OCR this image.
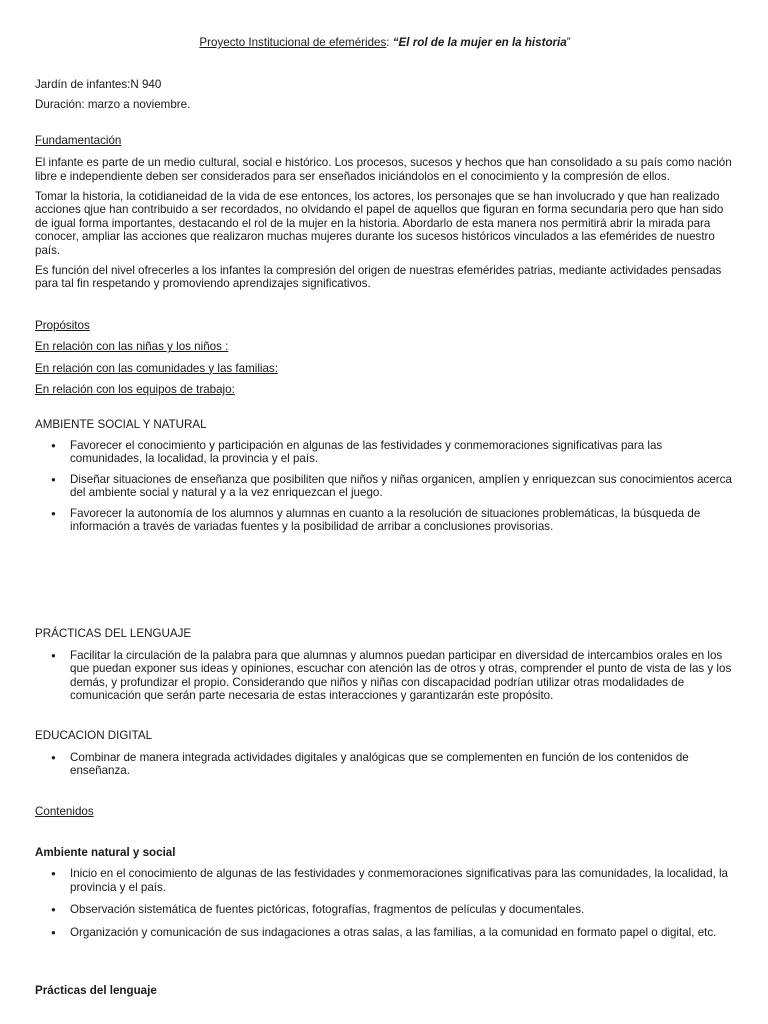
Proyecto Institucional de efemérides: “El rol de la mujer en la historia”

Jardín de infantes:N 940

Duración: marzo a noviembre.

Fundamentación

El infante es parte de un medio cultural, social e histórico. Los procesos, sucesos y hechos que han consolidado a su país como nación libre e independiente deben ser considerados para ser enseñados iniciándolos en el conocimiento y la compresión de ellos.

Tomar la historia, la cotidianeidad de la vida de ese entonces, los actores, los personajes que se han involucrado y que han realizado acciones qjue han contribuido a ser recordados, no olvidando el papel de aquellos que figuran en forma secundaria pero que han sido de igual forma importantes, destacando el rol de la mujer en la historia. Abordarlo de esta manera nos permitirá abrir la mirada para conocer, ampliar las acciones que realizaron muchas mujeres durante los sucesos históricos vinculados a las efemérides de nuestro país.

Es función del nivel ofrecerles a los infantes la compresión del origen de nuestras efemérides patrias, mediante actividades pensadas para tal fin respetando y promoviendo aprendizajes significativos.

Propósitos

En relación con las niñas y los niños :

En relación con las comunidades y las familias:

En relación con los equipos de trabajo:

AMBIENTE SOCIAL Y NATURAL

● Favorecer el conocimiento y participación en algunas de las festividades y conmemoraciones significativas para las comunidades, la localidad, la provincia y el país.
● Diseñar situaciones de enseñanza que posibiliten que niños y niñas organicen, amplíen y enriquezcan sus conocimientos acerca del ambiente social y natural y a la vez enriquezcan el juego.
● Favorecer la autonomía de los alumnos y alumnas en cuanto a la resolución de situaciones problemáticas, la búsqueda de información a través de variadas fuentes y la posibilidad de arribar a conclusiones provisorias.

PRÁCTICAS DEL LENGUAJE

● Facilitar la circulación de la palabra para que alumnas y alumnos puedan participar en diversidad de intercambios orales en los que puedan exponer sus ideas y opiniones, escuchar con atención las de otros y otras, comprender el punto de vista de las y los demás, y profundizar el propio. Considerando que niños y niñas con discapacidad podrían utilizar otras modalidades de comunicación que serán parte necesaria de estas interacciones y garantizarán este propósito.

EDUCACION DIGITAL

● Combinar de manera integrada actividades digitales y analógicas que se complementen en función de los contenidos de enseñanza.

Contenidos

Ambiente natural y social

● Inicio en el conocimiento de algunas de las festividades y conmemoraciones significativas para las comunidades, la localidad, la provincia y el país.
● Observación sistemática de fuentes pictóricas, fotografías, fragmentos de películas y documentales.
● Organización y comunicación de sus indagaciones a otras salas, a las familias, a la comunidad en formato papel o digital, etc.

Prácticas del lenguaje
